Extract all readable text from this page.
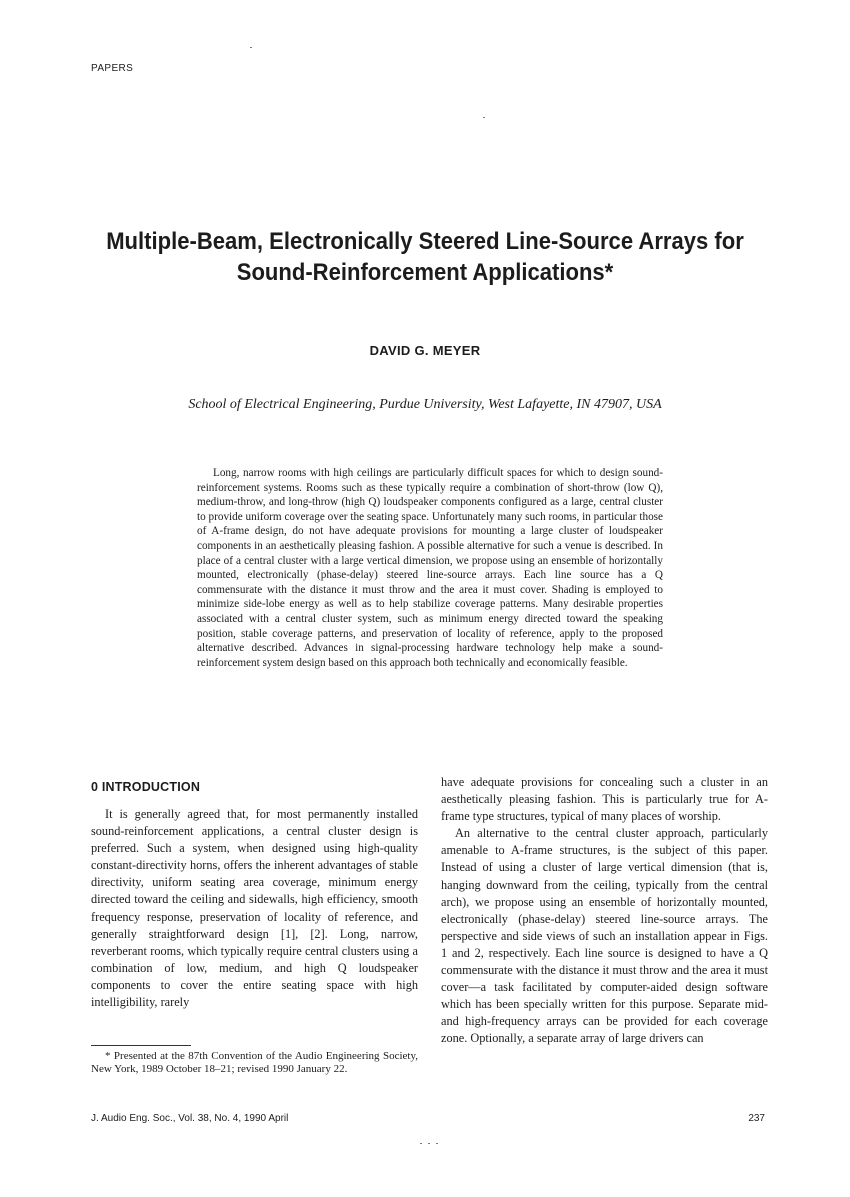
PAPERS
Multiple-Beam, Electronically Steered Line-Source Arrays for Sound-Reinforcement Applications*
DAVID G. MEYER
School of Electrical Engineering, Purdue University, West Lafayette, IN 47907, USA

Long, narrow rooms with high ceilings are particularly difficult spaces for which to design sound-reinforcement systems. Rooms such as these typically require a combination of short-throw (low Q), medium-throw, and long-throw (high Q) loudspeaker components configured as a large, central cluster to provide uniform coverage over the seating space. Unfortunately many such rooms, in particular those of A-frame design, do not have adequate provisions for mounting a large cluster of loudspeaker components in an aesthetically pleasing fashion. A possible alternative for such a venue is described. In place of a central cluster with a large vertical dimension, we propose using an ensemble of horizontally mounted, electronically (phase-delay) steered line-source arrays. Each line source has a Q commensurate with the distance it must throw and the area it must cover. Shading is employed to minimize side-lobe energy as well as to help stabilize coverage patterns. Many desirable properties associated with a central cluster system, such as minimum energy directed toward the speaking position, stable coverage patterns, and preservation of locality of reference, apply to the proposed alternative described. Advances in signal-processing hardware technology help make a sound-reinforcement system design based on this approach both technically and economically feasible.

0 INTRODUCTION

It is generally agreed that, for most permanently installed sound-reinforcement applications, a central cluster design is preferred. Such a system, when designed using high-quality constant-directivity horns, offers the inherent advantages of stable directivity, uniform seating area coverage, minimum energy directed toward the ceiling and sidewalls, high efficiency, smooth frequency response, preservation of locality of reference, and generally straightforward design [1], [2]. Long, narrow, reverberant rooms, which typically require central clusters using a combination of low, medium, and high Q loudspeaker components to cover the entire seating space with high intelligibility, rarely

have adequate provisions for concealing such a cluster in an aesthetically pleasing fashion. This is particularly true for A-frame type structures, typical of many places of worship.

An alternative to the central cluster approach, particularly amenable to A-frame structures, is the subject of this paper. Instead of using a cluster of large vertical dimension (that is, hanging downward from the ceiling, typically from the central arch), we propose using an ensemble of horizontally mounted, electronically (phase-delay) steered line-source arrays. The perspective and side views of such an installation appear in Figs. 1 and 2, respectively. Each line source is designed to have a Q commensurate with the distance it must throw and the area it must cover—a task facilitated by computer-aided design software which has been specially written for this purpose. Separate mid- and high-frequency arrays can be provided for each coverage zone. Optionally, a separate array of large drivers can

* Presented at the 87th Convention of the Audio Engineering Society, New York, 1989 October 18–21; revised 1990 January 22.

J. Audio Eng. Soc., Vol. 38, No. 4, 1990 April	237
